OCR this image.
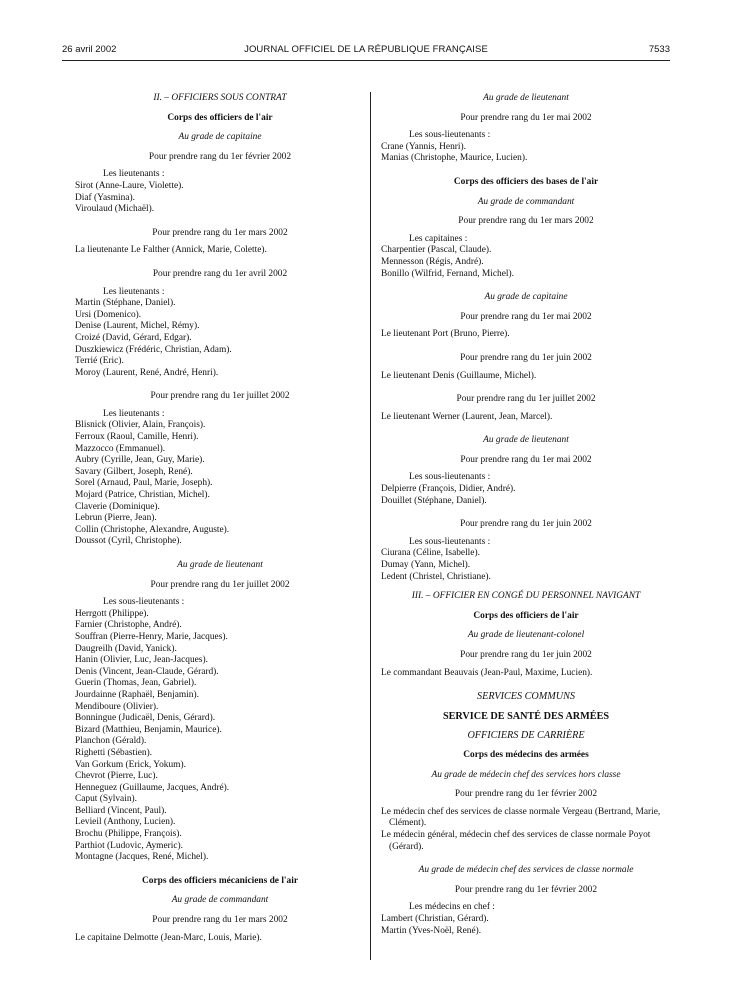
26 avril 2002	JOURNAL OFFICIEL DE LA RÉPUBLIQUE FRANÇAISE	7533
II. – OFFICIERS SOUS CONTRAT
Corps des officiers de l'air
Au grade de capitaine
Pour prendre rang du 1er février 2002
Les lieutenants :
Sirot (Anne-Laure, Violette).
Diaf (Yasmina).
Viroulaud (Michaël).
Pour prendre rang du 1er mars 2002
La lieutenante Le Falther (Annick, Marie, Colette).
Pour prendre rang du 1er avril 2002
Les lieutenants :
Martin (Stéphane, Daniel).
Ursi (Domenico).
Denise (Laurent, Michel, Rémy).
Croizé (David, Gérard, Edgar).
Duszkiewicz (Frédéric, Christian, Adam).
Terrié (Eric).
Moroy (Laurent, René, André, Henri).
Pour prendre rang du 1er juillet 2002
Les lieutenants :
Blisnick (Olivier, Alain, François).
Ferroux (Raoul, Camille, Henri).
Mazzocco (Emmanuel).
Aubry (Cyrille, Jean, Guy, Marie).
Savary (Gilbert, Joseph, René).
Sorel (Arnaud, Paul, Marie, Joseph).
Mojard (Patrice, Christian, Michel).
Claverie (Dominique).
Lebrun (Pierre, Jean).
Collin (Christophe, Alexandre, Auguste).
Doussot (Cyril, Christophe).
Au grade de lieutenant
Pour prendre rang du 1er juillet 2002
Les sous-lieutenants :
Herrgott (Philippe).
Farnier (Christophe, André).
Souffran (Pierre-Henry, Marie, Jacques).
Daugreilh (David, Yanick).
Hanin (Olivier, Luc, Jean-Jacques).
Denis (Vincent, Jean-Claude, Gérard).
Guerin (Thomas, Jean, Gabriel).
Jourdainne (Raphaël, Benjamin).
Mendiboure (Olivier).
Bonningue (Judicaël, Denis, Gérard).
Bizard (Matthieu, Benjamin, Maurice).
Planchon (Gérald).
Righetti (Sébastien).
Van Gorkum (Erick, Yokum).
Chevrot (Pierre, Luc).
Henneguez (Guillaume, Jacques, André).
Caput (Sylvain).
Belliard (Vincent, Paul).
Levieil (Anthony, Lucien).
Brochu (Philippe, François).
Parthiot (Ludovic, Aymeric).
Montagne (Jacques, René, Michel).
Corps des officiers mécaniciens de l'air
Au grade de commandant
Pour prendre rang du 1er mars 2002
Le capitaine Delmotte (Jean-Marc, Louis, Marie).
Au grade de lieutenant
Pour prendre rang du 1er mai 2002
Les sous-lieutenants :
Crane (Yannis, Henri).
Manias (Christophe, Maurice, Lucien).
Corps des officiers des bases de l'air
Au grade de commandant
Pour prendre rang du 1er mars 2002
Les capitaines :
Charpentier (Pascal, Claude).
Mennesson (Régis, André).
Bonillo (Wilfrid, Fernand, Michel).
Au grade de capitaine
Pour prendre rang du 1er mai 2002
Le lieutenant Port (Bruno, Pierre).
Pour prendre rang du 1er juin 2002
Le lieutenant Denis (Guillaume, Michel).
Pour prendre rang du 1er juillet 2002
Le lieutenant Werner (Laurent, Jean, Marcel).
Au grade de lieutenant
Pour prendre rang du 1er mai 2002
Les sous-lieutenants :
Delpierre (François, Didier, André).
Douillet (Stéphane, Daniel).
Pour prendre rang du 1er juin 2002
Les sous-lieutenants :
Ciurana (Céline, Isabelle).
Dumay (Yann, Michel).
Ledent (Christel, Christiane).
III. – OFFICIER EN CONGÉ DU PERSONNEL NAVIGANT
Corps des officiers de l'air
Au grade de lieutenant-colonel
Pour prendre rang du 1er juin 2002
Le commandant Beauvais (Jean-Paul, Maxime, Lucien).
SERVICES COMMUNS
SERVICE DE SANTÉ DES ARMÉES
OFFICIERS DE CARRIÈRE
Corps des médecins des armées
Au grade de médecin chef des services hors classe
Pour prendre rang du 1er février 2002
Le médecin chef des services de classe normale Vergeau (Bertrand, Marie, Clément).
Le médecin général, médecin chef des services de classe normale Poyot (Gérard).
Au grade de médecin chef des services de classe normale
Pour prendre rang du 1er février 2002
Les médecins en chef :
Lambert (Christian, Gérard).
Martin (Yves-Noël, René).
